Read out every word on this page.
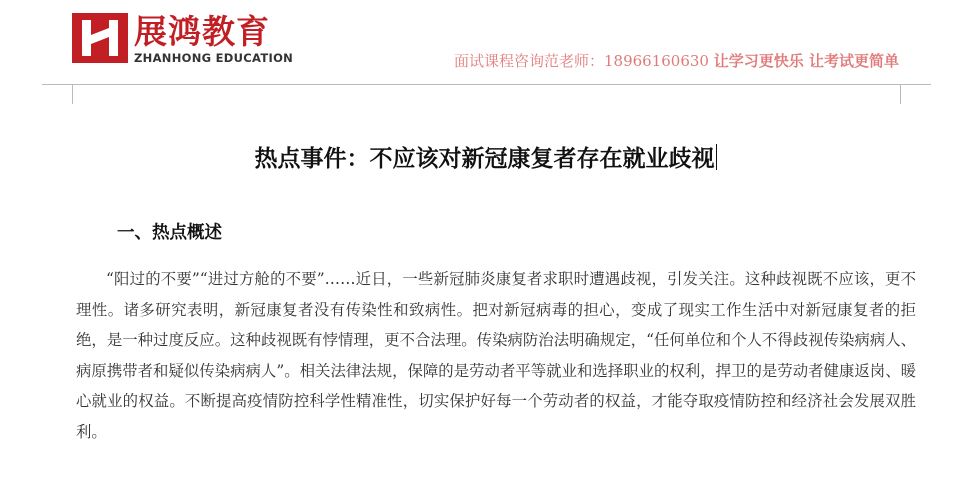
展鸿教育
ZHANHONG EDUCATION	面试课程咨询范老师：18966160630 让学习更快乐 让考试更简单
热点事件：不应该对新冠康复者存在就业歧视
一、热点概述

“阳过的不要”“进过方舱的不要”……近日，一些新冠肺炎康复者求职时遭遇歧视，引发关注。这种歧视既不应该，更不理性。诸多研究表明，新冠康复者没有传染性和致病性。把对新冠病毒的担心，变成了现实工作生活中对新冠康复者的拒绝，是一种过度反应。这种歧视既有悖情理，更不合法理。传染病防治法明确规定，“任何单位和个人不得歧视传染病病人、病原携带者和疑似传染病病人”。相关法律法规，保障的是劳动者平等就业和选择职业的权利，捍卫的是劳动者健康返岗、暖心就业的权益。不断提高疫情防控科学性精准性，切实保护好每一个劳动者的权益，才能夺取疫情防控和经济社会发展双胜利。
